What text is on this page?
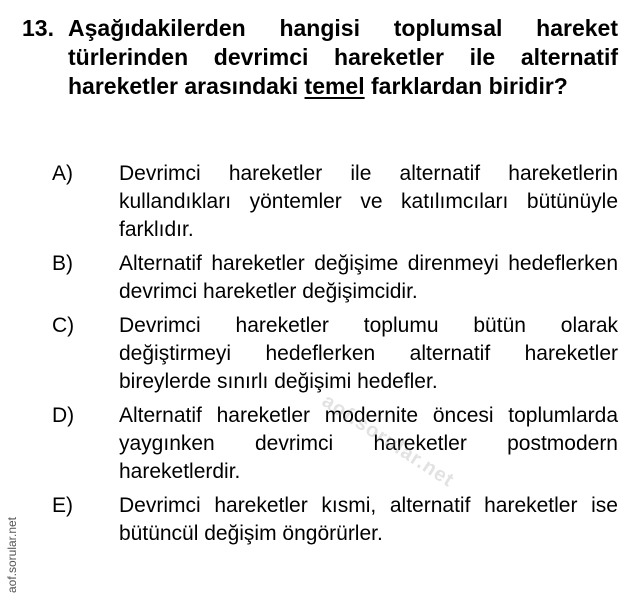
13. Aşağıdakilerden hangisi toplumsal hareket türlerinden devrimci hareketler ile alternatif hareketler arasındaki temel farklardan biridir?
A) Devrimci hareketler ile alternatif hareketlerin kullandıkları yöntemler ve katılımcıları bütünüyle farklıdır.
B) Alternatif hareketler değişime direnmeyi hedeflerken devrimci hareketler değişimcidir.
C) Devrimci hareketler toplumu bütün olarak değiştirmeyi hedeflerken alternatif hareketler bireylerde sınırlı değişimi hedefler.
D) Alternatif hareketler modernite öncesi toplumlarda yaygınken devrimci hareketler postmodern hareketlerdir.
E) Devrimci hareketler kısmi, alternatif hareketler ise bütüncül değişim öngörürler.
aof.sorular.net
aof.sorular.net
